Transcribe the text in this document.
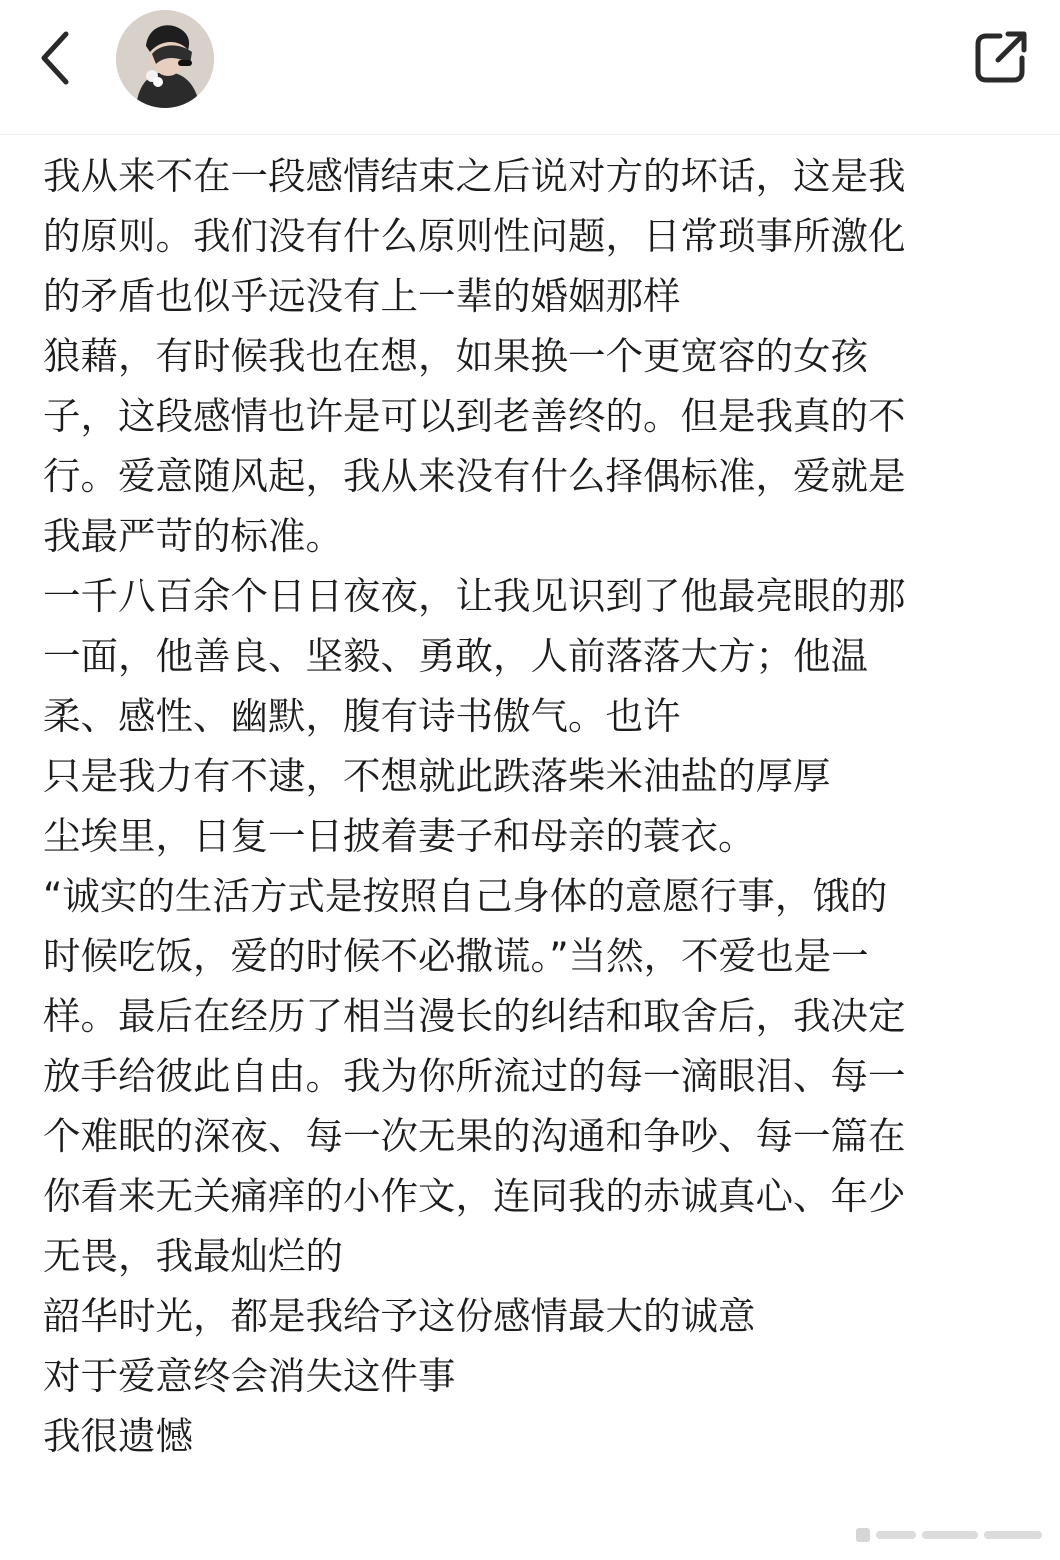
我从来不在一段感情结束之后说对方的坏话，这是我
的原则。我们没有什么原则性问题，日常琐事所激化
的矛盾也似乎远没有上一辈的婚姻那样
狼藉，有时候我也在想，如果换一个更宽容的女孩
子，这段感情也许是可以到老善终的。但是我真的不
行。爱意随风起，我从来没有什么择偶标准，爱就是
我最严苛的标准。
一千八百余个日日夜夜，让我见识到了他最亮眼的那
一面，他善良、坚毅、勇敢，人前落落大方；他温
柔、感性、幽默，腹有诗书傲气。也许
只是我力有不逮，不想就此跌落柴米油盐的厚厚
尘埃里，日复一日披着妻子和母亲的蓑衣。
“诚实的生活方式是按照自己身体的意愿行事，饿的
时候吃饭，爱的时候不必撒谎。”当然，不爱也是一
样。最后在经历了相当漫长的纠结和取舍后，我决定
放手给彼此自由。我为你所流过的每一滴眼泪、每一
个难眠的深夜、每一次无果的沟通和争吵、每一篇在
你看来无关痛痒的小作文，连同我的赤诚真心、年少
无畏，我最灿烂的
韶华时光，都是我给予这份感情最大的诚意
对于爱意终会消失这件事
我很遗憾
